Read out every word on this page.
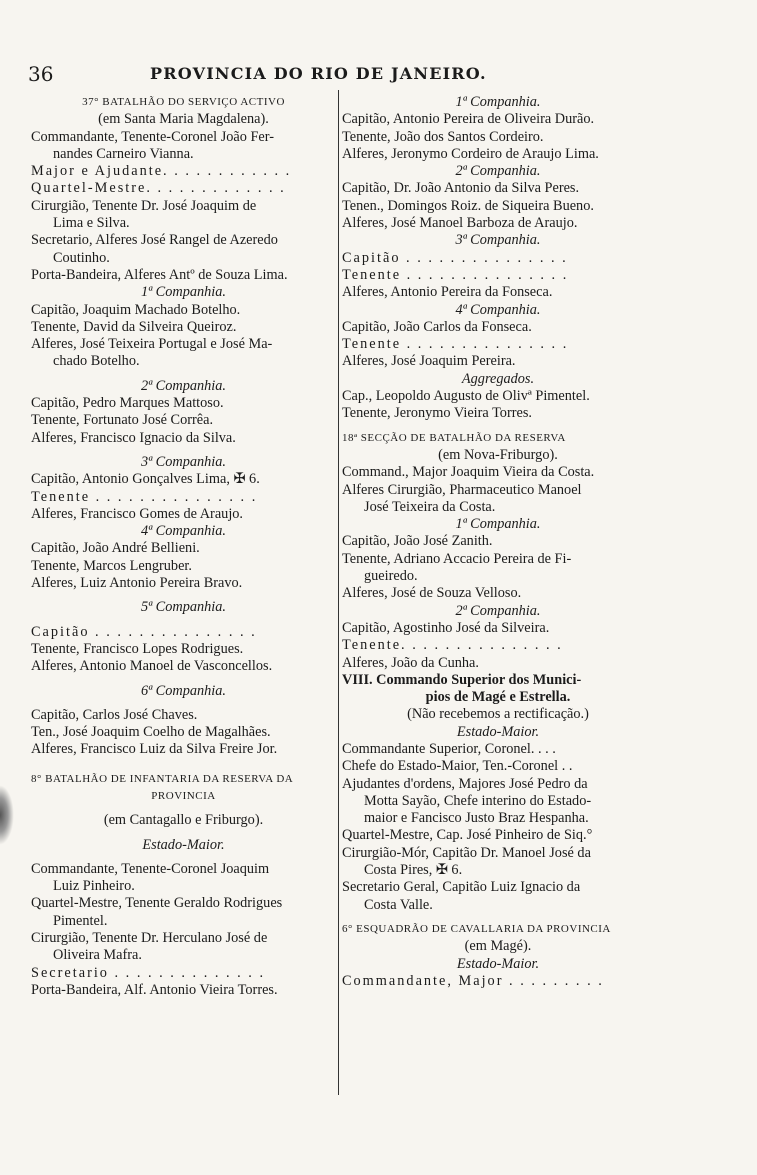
36	PROVINCIA DO RIO DE JANEIRO.
37° BATALHÃO DO SERVIÇO ACTIVO
(em Santa Maria Magdalena).
Commandante, Tenente-Coronel João Fer-
nandes Carneiro Vianna.
Major e Ajudante. . . . . . . . . . . .
Quartel-Mestre. . . . . . . . . . . . .
Cirurgião, Tenente Dr. José Joaquim de
Lima e Silva.
Secretario, Alferes José Rangel de Azeredo
Coutinho.
Porta-Bandeira, Alferes Antº de Souza Lima.
1ª Companhia.
Capitão, Joaquim Machado Botelho.
Tenente, David da Silveira Queiroz.
Alferes, José Teixeira Portugal e José Ma-
chado Botelho.
2ª Companhia.
Capitão, Pedro Marques Mattoso.
Tenente, Fortunato José Corrêa.
Alferes, Francisco Ignacio da Silva.
3ª Companhia.
Capitão, Antonio Gonçalves Lima, ✠ 6.
Tenente . . . . . . . . . . . . . . .
Alferes, Francisco Gomes de Araujo.
4ª Companhia.
Capitão, João André Bellieni.
Tenente, Marcos Lengruber.
Alferes, Luiz Antonio Pereira Bravo.
5ª Companhia.
Capitão . . . . . . . . . . . . . . .
Tenente, Francisco Lopes Rodrigues.
Alferes, Antonio Manoel de Vasconcellos.
6ª Companhia.
Capitão, Carlos José Chaves.
Ten., José Joaquim Coelho de Magalhães.
Alferes, Francisco Luiz da Silva Freire Jor.
8° BATALHÃO DE INFANTARIA DA RESERVA DA
PROVINCIA
(em Cantagallo e Friburgo).
Estado-Maior.
Commandante, Tenente-Coronel Joaquim
Luiz Pinheiro.
Quartel-Mestre, Tenente Geraldo Rodrigues
Pimentel.
Cirurgião, Tenente Dr. Herculano José de
Oliveira Mafra.
Secretario . . . . . . . . . . . . . .
Porta-Bandeira, Alf. Antonio Vieira Torres.
1ª Companhia.
Capitão, Antonio Pereira de Oliveira Durão.
Tenente, João dos Santos Cordeiro.
Alferes, Jeronymo Cordeiro de Araujo Lima.
2ª Companhia.
Capitão, Dr. João Antonio da Silva Peres.
Tenen., Domingos Roiz. de Siqueira Bueno.
Alferes, José Manoel Barboza de Araujo.
3ª Companhia.
Capitão . . . . . . . . . . . . . . .
Tenente . . . . . . . . . . . . . . .
Alferes, Antonio Pereira da Fonseca.
4ª Companhia.
Capitão, João Carlos da Fonseca.
Tenente . . . . . . . . . . . . . . .
Alferes, José Joaquim Pereira.
Aggregados.
Cap., Leopoldo Augusto de Olivª Pimentel.
Tenente, Jeronymo Vieira Torres.
18ª SECÇÃO DE BATALHÃO DA RESERVA
(em Nova-Friburgo).
Command., Major Joaquim Vieira da Costa.
Alferes Cirurgião, Pharmaceutico Manoel
José Teixeira da Costa.
1ª Companhia.
Capitão, João José Zanith.
Tenente, Adriano Accacio Pereira de Fi-
gueiredo.
Alferes, José de Souza Velloso.
2ª Companhia.
Capitão, Agostinho José da Silveira.
Tenente. . . . . . . . . . . . . . .
Alferes, João da Cunha.
VIII. Commando Superior dos Munici-
pios de Magé e Estrella.
(Não recebemos a rectificação.)
Estado-Maior.
Commandante Superior, Coronel. . . .
Chefe do Estado-Maior, Ten.-Coronel . .
Ajudantes d'ordens, Majores José Pedro da
Motta Sayão, Chefe interino do Estado-
maior e Fancisco Justo Braz Hespanha.
Quartel-Mestre, Cap. José Pinheiro de Siq.°
Cirurgião-Mór, Capitão Dr. Manoel José da
Costa Pires, ✠ 6.
Secretario Geral, Capitão Luiz Ignacio da
Costa Valle.
6° ESQUADRÃO DE CAVALLARIA DA PROVINCIA
(em Magé).
Estado-Maior.
Commandante, Major . . . . . . . . .
